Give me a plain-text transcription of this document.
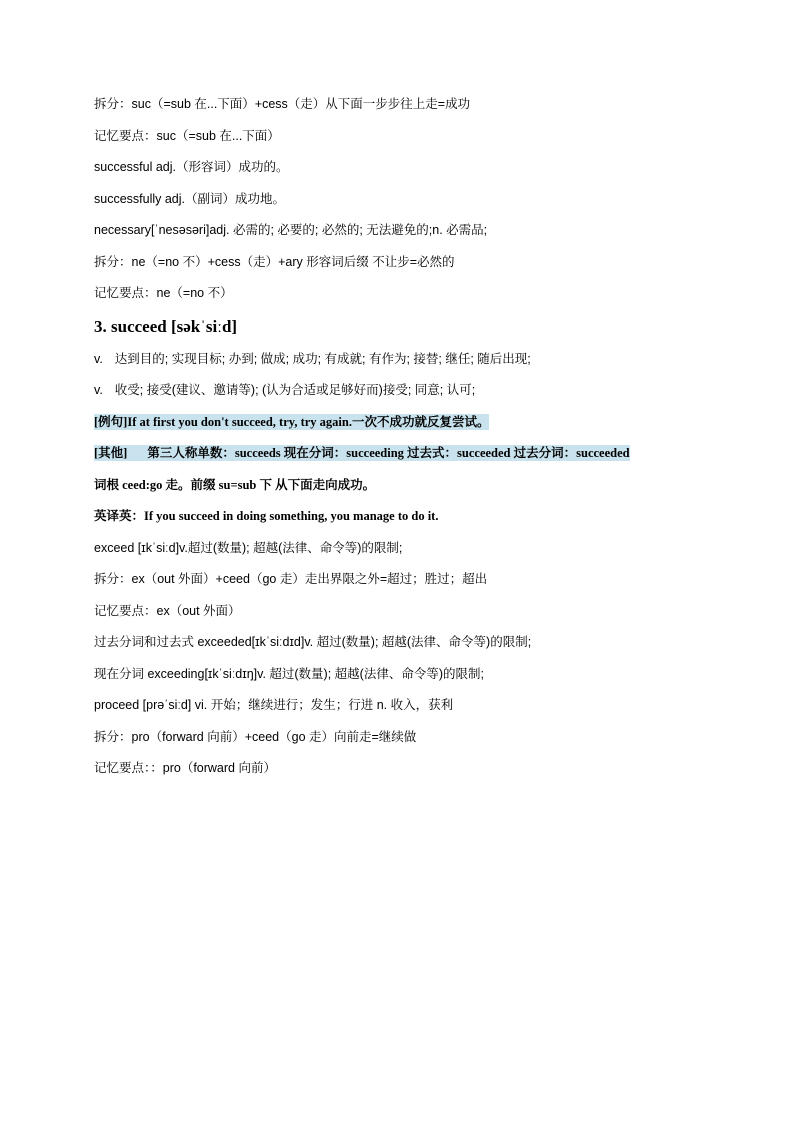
拆分：suc（=sub 在...下面）+cess（走）从下面一步步往上走=成功
记忆要点：suc（=sub 在...下面）
successful adj.（形容词）成功的。
successfully adj.（副词）成功地。
necessary[ˈnesəsəri]adj. 必需的; 必要的; 必然的; 无法避免的;n. 必需品;
拆分：ne（=no 不）+cess（走）+ary 形容词后缀 不让步=必然的
记忆要点：ne（=no 不）
3. succeed [səkˈsiːd]
v. 达到目的; 实现目标; 办到; 做成; 成功; 有成就; 有作为; 接替; 继任; 随后出现;
v. 收受; 接受(建议、邀请等); (认为合适或足够好而)接受; 同意; 认可;
[例句]If at first you don't succeed, try, try again.一次不成功就反复尝试。
[其他] 第三人称单数：succeeds 现在分词：succeeding 过去式：succeeded 过去分词：succeeded
词根 ceed:go 走。前缀 su=sub 下 从下面走向成功。
英译英：If you succeed in doing something, you manage to do it.
exceed [ɪkˈsiːd]v.超过(数量); 超越(法律、命令等)的限制;
拆分：ex（out 外面）+ceed（go 走）走出界限之外=超过；胜过；超出
记忆要点：ex（out 外面）
过去分词和过去式 exceeded[ɪkˈsiːdɪd]v. 超过(数量); 超越(法律、命令等)的限制;
现在分词 exceeding[ɪkˈsiːdɪŋ]v. 超过(数量); 超越(法律、命令等)的限制;
proceed [prəˈsiːd] vi. 开始；继续进行；发生；行进 n. 收入，获利
拆分：pro（forward 向前）+ceed（go 走）向前走=继续做
记忆要点：：pro（forward 向前）
